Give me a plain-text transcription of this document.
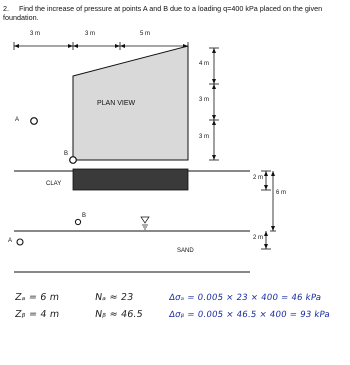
2. Find the increase of pressure at points A and B due to a loading q=400 kPa placed on the given foundation.
3 m	3 m	5 m
4 m
3 m
3 m
PLAN VIEW
A
B
CLAY
SAND
B
A
2 m
6 m
2 m
Zₐ = 6 m
Zᵦ = 4 m
Nₐ ≈ 23
Nᵦ ≈ 46.5
Δσₐ = 0.005 × 23 × 400 = 46 kPa
Δσᵦ = 0.005 × 46.5 × 400 = 93 kPa
